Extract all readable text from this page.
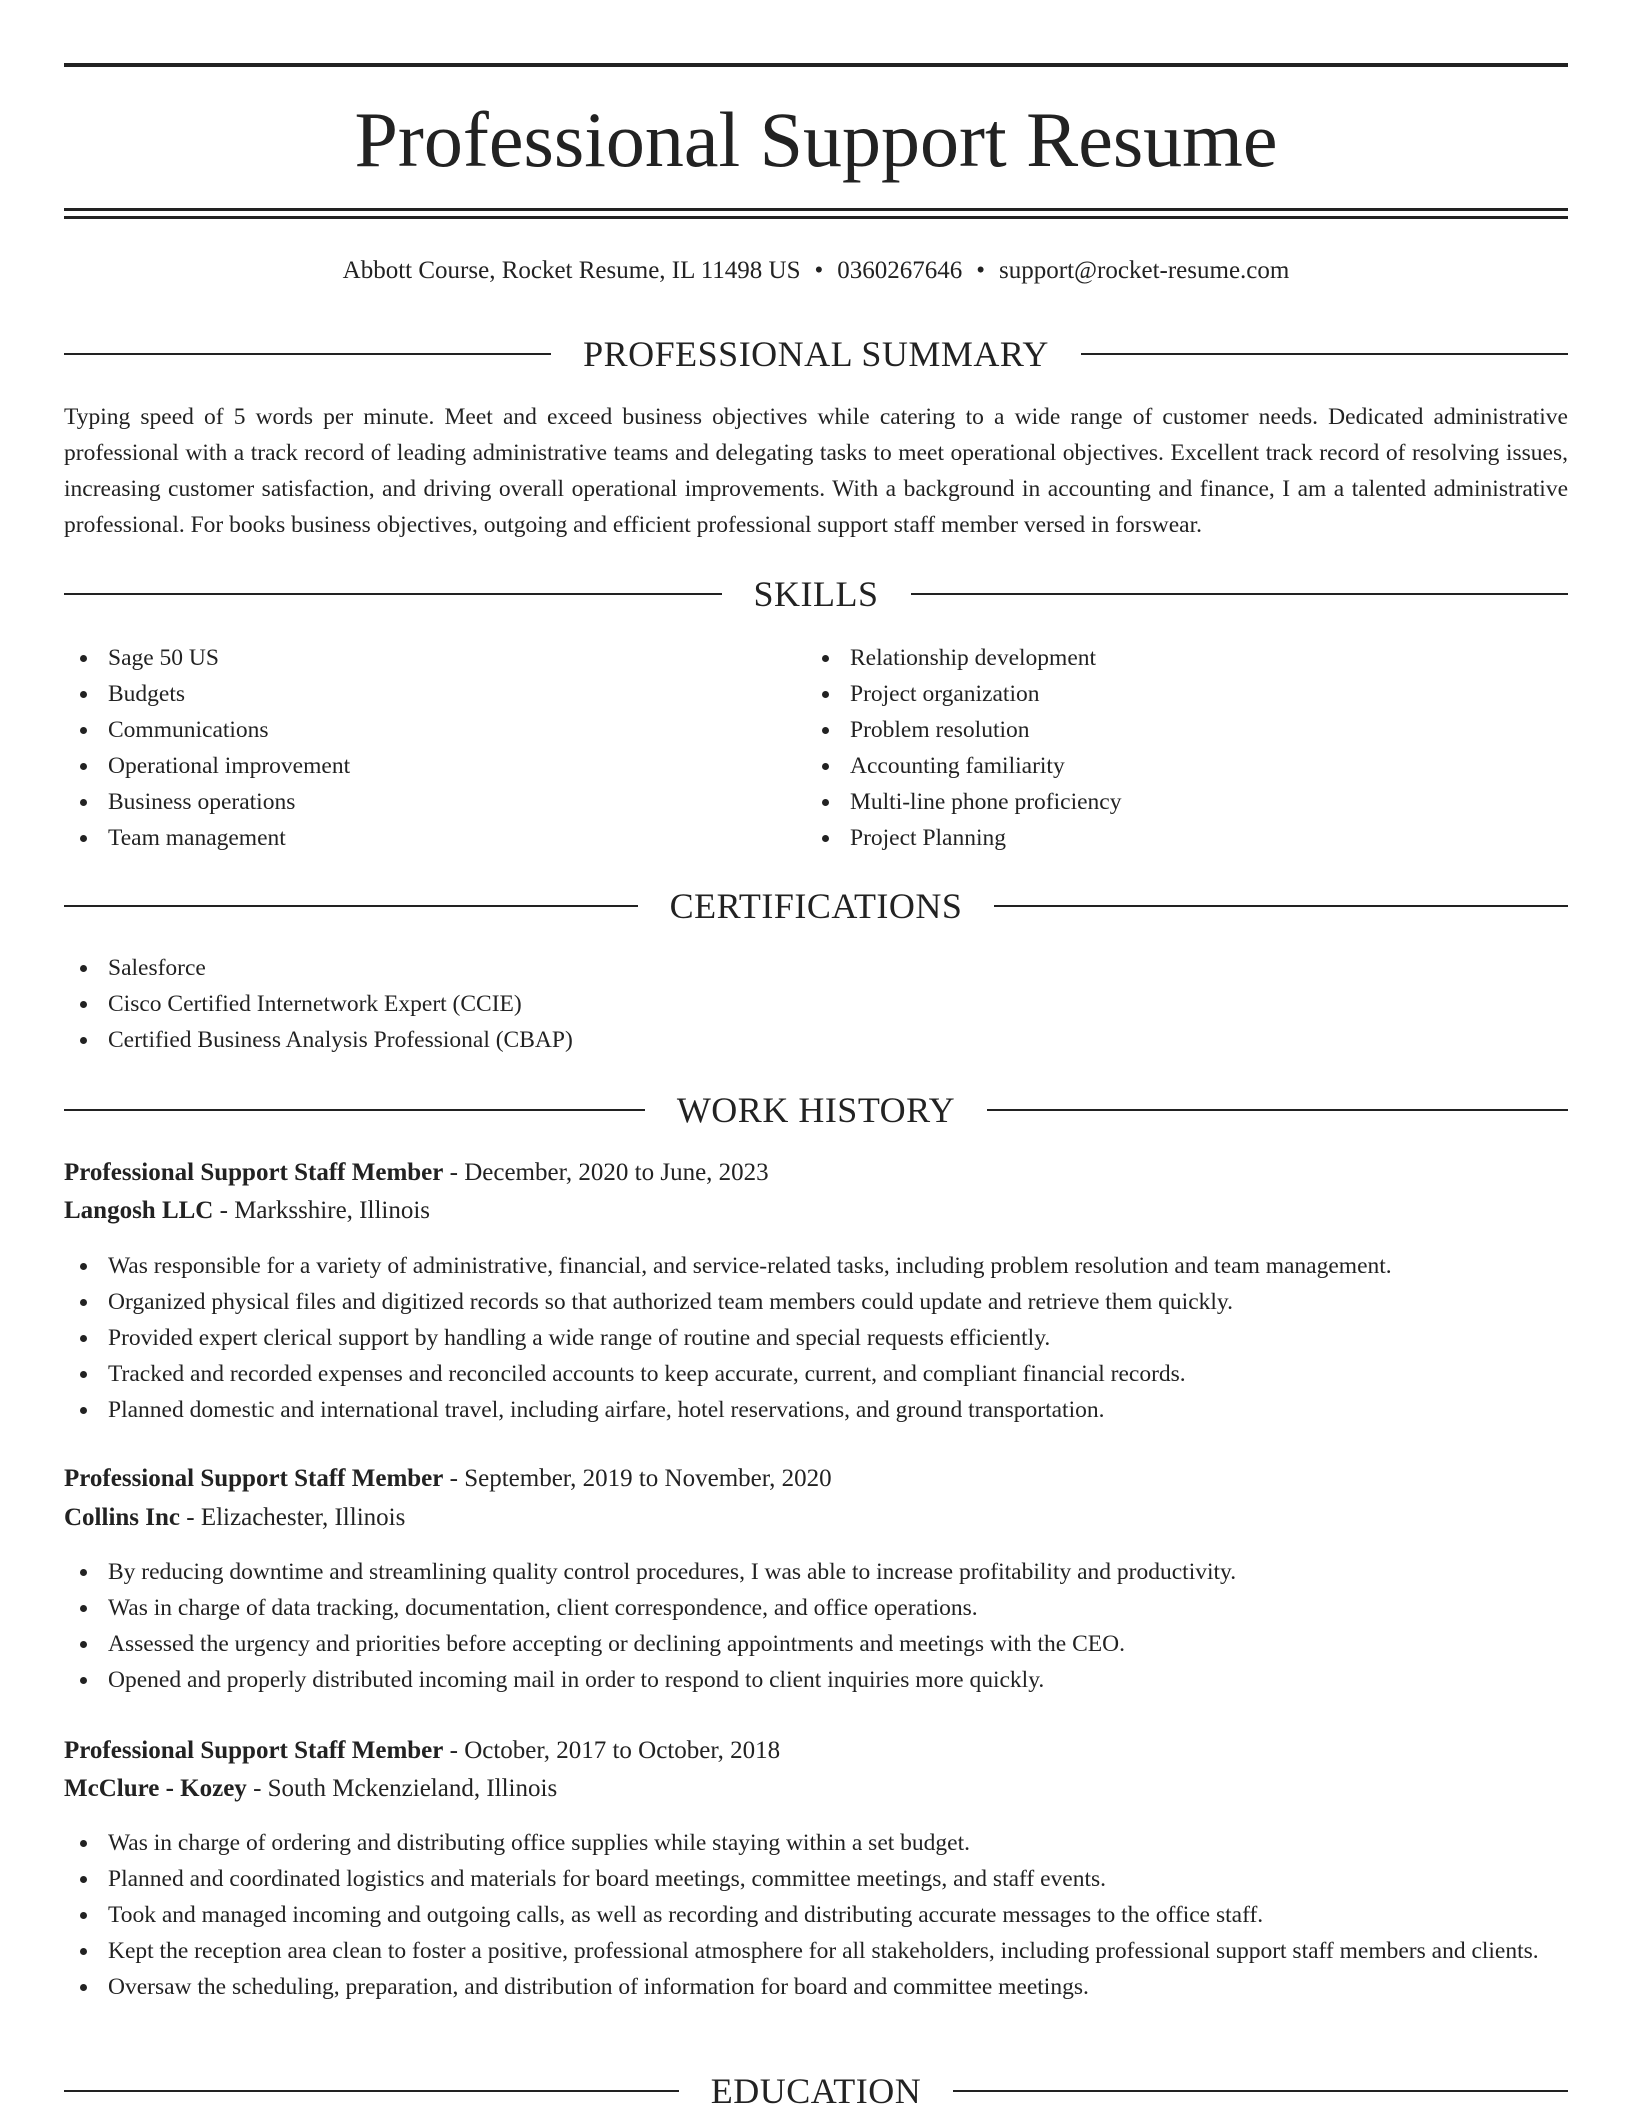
Professional Support Resume
Abbott Course, Rocket Resume, IL 11498 US • 0360267646 • support@rocket-resume.com
PROFESSIONAL SUMMARY
Typing speed of 5 words per minute. Meet and exceed business objectives while catering to a wide range of customer needs. Dedicated administrative professional with a track record of leading administrative teams and delegating tasks to meet operational objectives. Excellent track record of resolving issues, increasing customer satisfaction, and driving overall operational improvements. With a background in accounting and finance, I am a talented administrative professional. For books business objectives, outgoing and efficient professional support staff member versed in forswear.
SKILLS
Sage 50 US
Budgets
Communications
Operational improvement
Business operations
Team management
Relationship development
Project organization
Problem resolution
Accounting familiarity
Multi-line phone proficiency
Project Planning
CERTIFICATIONS
Salesforce
Cisco Certified Internetwork Expert (CCIE)
Certified Business Analysis Professional (CBAP)
WORK HISTORY
Professional Support Staff Member - December, 2020 to June, 2023
Langosh LLC - Marksshire, Illinois
Was responsible for a variety of administrative, financial, and service-related tasks, including problem resolution and team management.
Organized physical files and digitized records so that authorized team members could update and retrieve them quickly.
Provided expert clerical support by handling a wide range of routine and special requests efficiently.
Tracked and recorded expenses and reconciled accounts to keep accurate, current, and compliant financial records.
Planned domestic and international travel, including airfare, hotel reservations, and ground transportation.
Professional Support Staff Member - September, 2019 to November, 2020
Collins Inc - Elizachester, Illinois
By reducing downtime and streamlining quality control procedures, I was able to increase profitability and productivity.
Was in charge of data tracking, documentation, client correspondence, and office operations.
Assessed the urgency and priorities before accepting or declining appointments and meetings with the CEO.
Opened and properly distributed incoming mail in order to respond to client inquiries more quickly.
Professional Support Staff Member - October, 2017 to October, 2018
McClure - Kozey - South Mckenzieland, Illinois
Was in charge of ordering and distributing office supplies while staying within a set budget.
Planned and coordinated logistics and materials for board meetings, committee meetings, and staff events.
Took and managed incoming and outgoing calls, as well as recording and distributing accurate messages to the office staff.
Kept the reception area clean to foster a positive, professional atmosphere for all stakeholders, including professional support staff members and clients.
Oversaw the scheduling, preparation, and distribution of information for board and committee meetings.
EDUCATION
